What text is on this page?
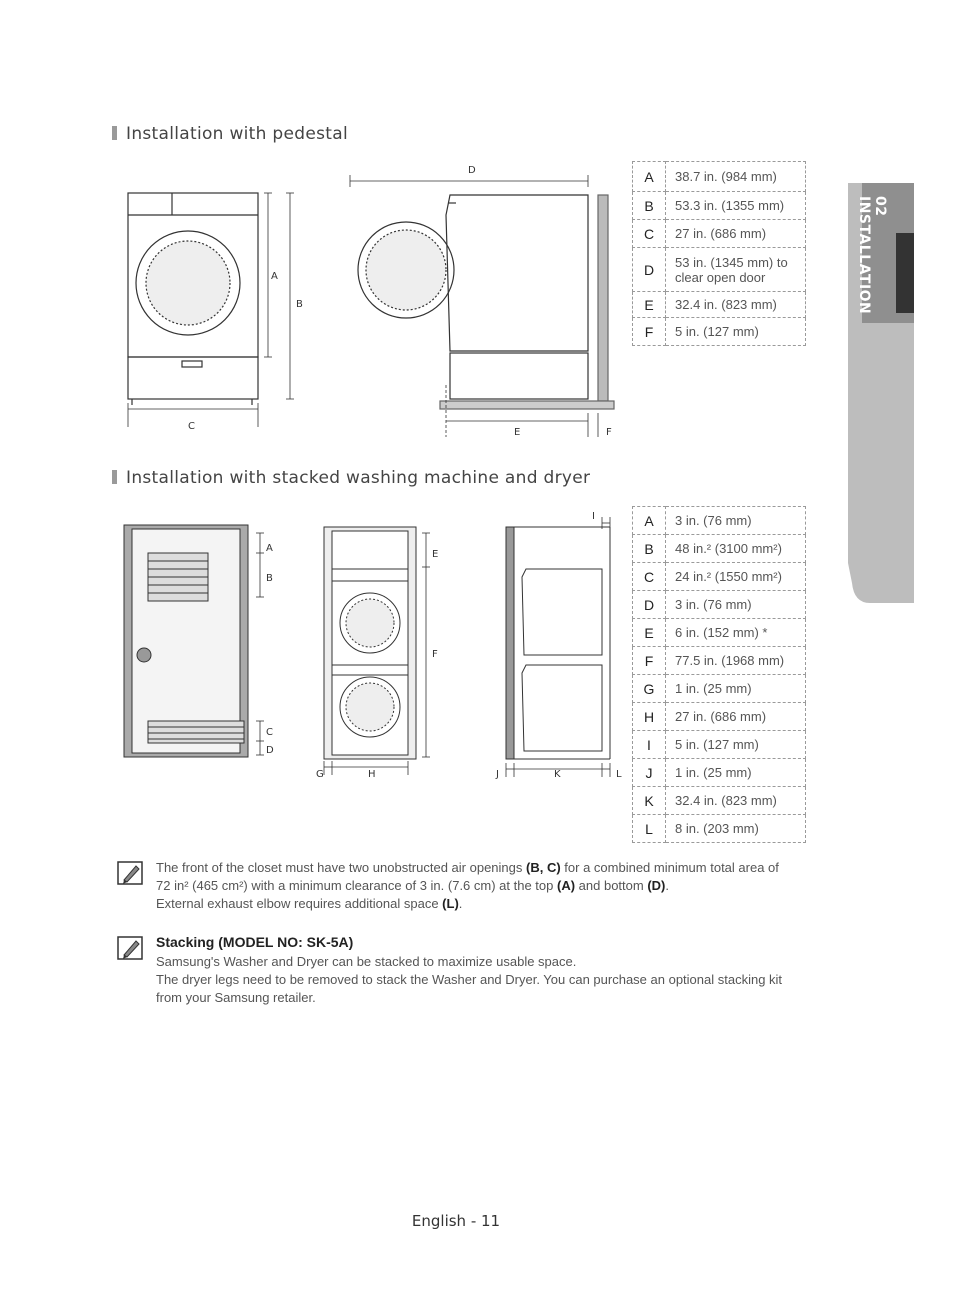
Installation with pedestal
A
B
C
D
E	F
A	38.7 in. (984 mm)
B	53.3 in. (1355 mm)
C	27 in. (686 mm)
D	53 in. (1345 mm) to clear open door
E	32.4 in. (823 mm)
F	5 in. (127 mm)
Installation with stacked washing machine and dryer
A
B
C
D
E
F
G	H
I
J	K	L
A	3 in. (76 mm)
B	48 in.² (3100 mm²)
C	24 in.² (1550 mm²)
D	3 in. (76 mm)
E	6 in. (152 mm) *
F	77.5 in. (1968 mm)
G	1 in. (25 mm)
H	27 in. (686 mm)
I	5 in. (127 mm)
J	1 in. (25 mm)
K	32.4 in. (823 mm)
L	8 in. (203 mm)

The front of the closet must have two unobstructed air openings (B, C) for a combined minimum total area of 72 in² (465 cm²) with a minimum clearance of 3 in. (7.6 cm) at the top (A) and bottom (D).

External exhaust elbow requires additional space (L).

Stacking (MODEL NO: SK-5A)

Samsung's Washer and Dryer can be stacked to maximize usable space.

The dryer legs need to be removed to stack the Washer and Dryer. You can purchase an optional stacking kit from your Samsung retailer.

02 INSTALLATION
English - 11
